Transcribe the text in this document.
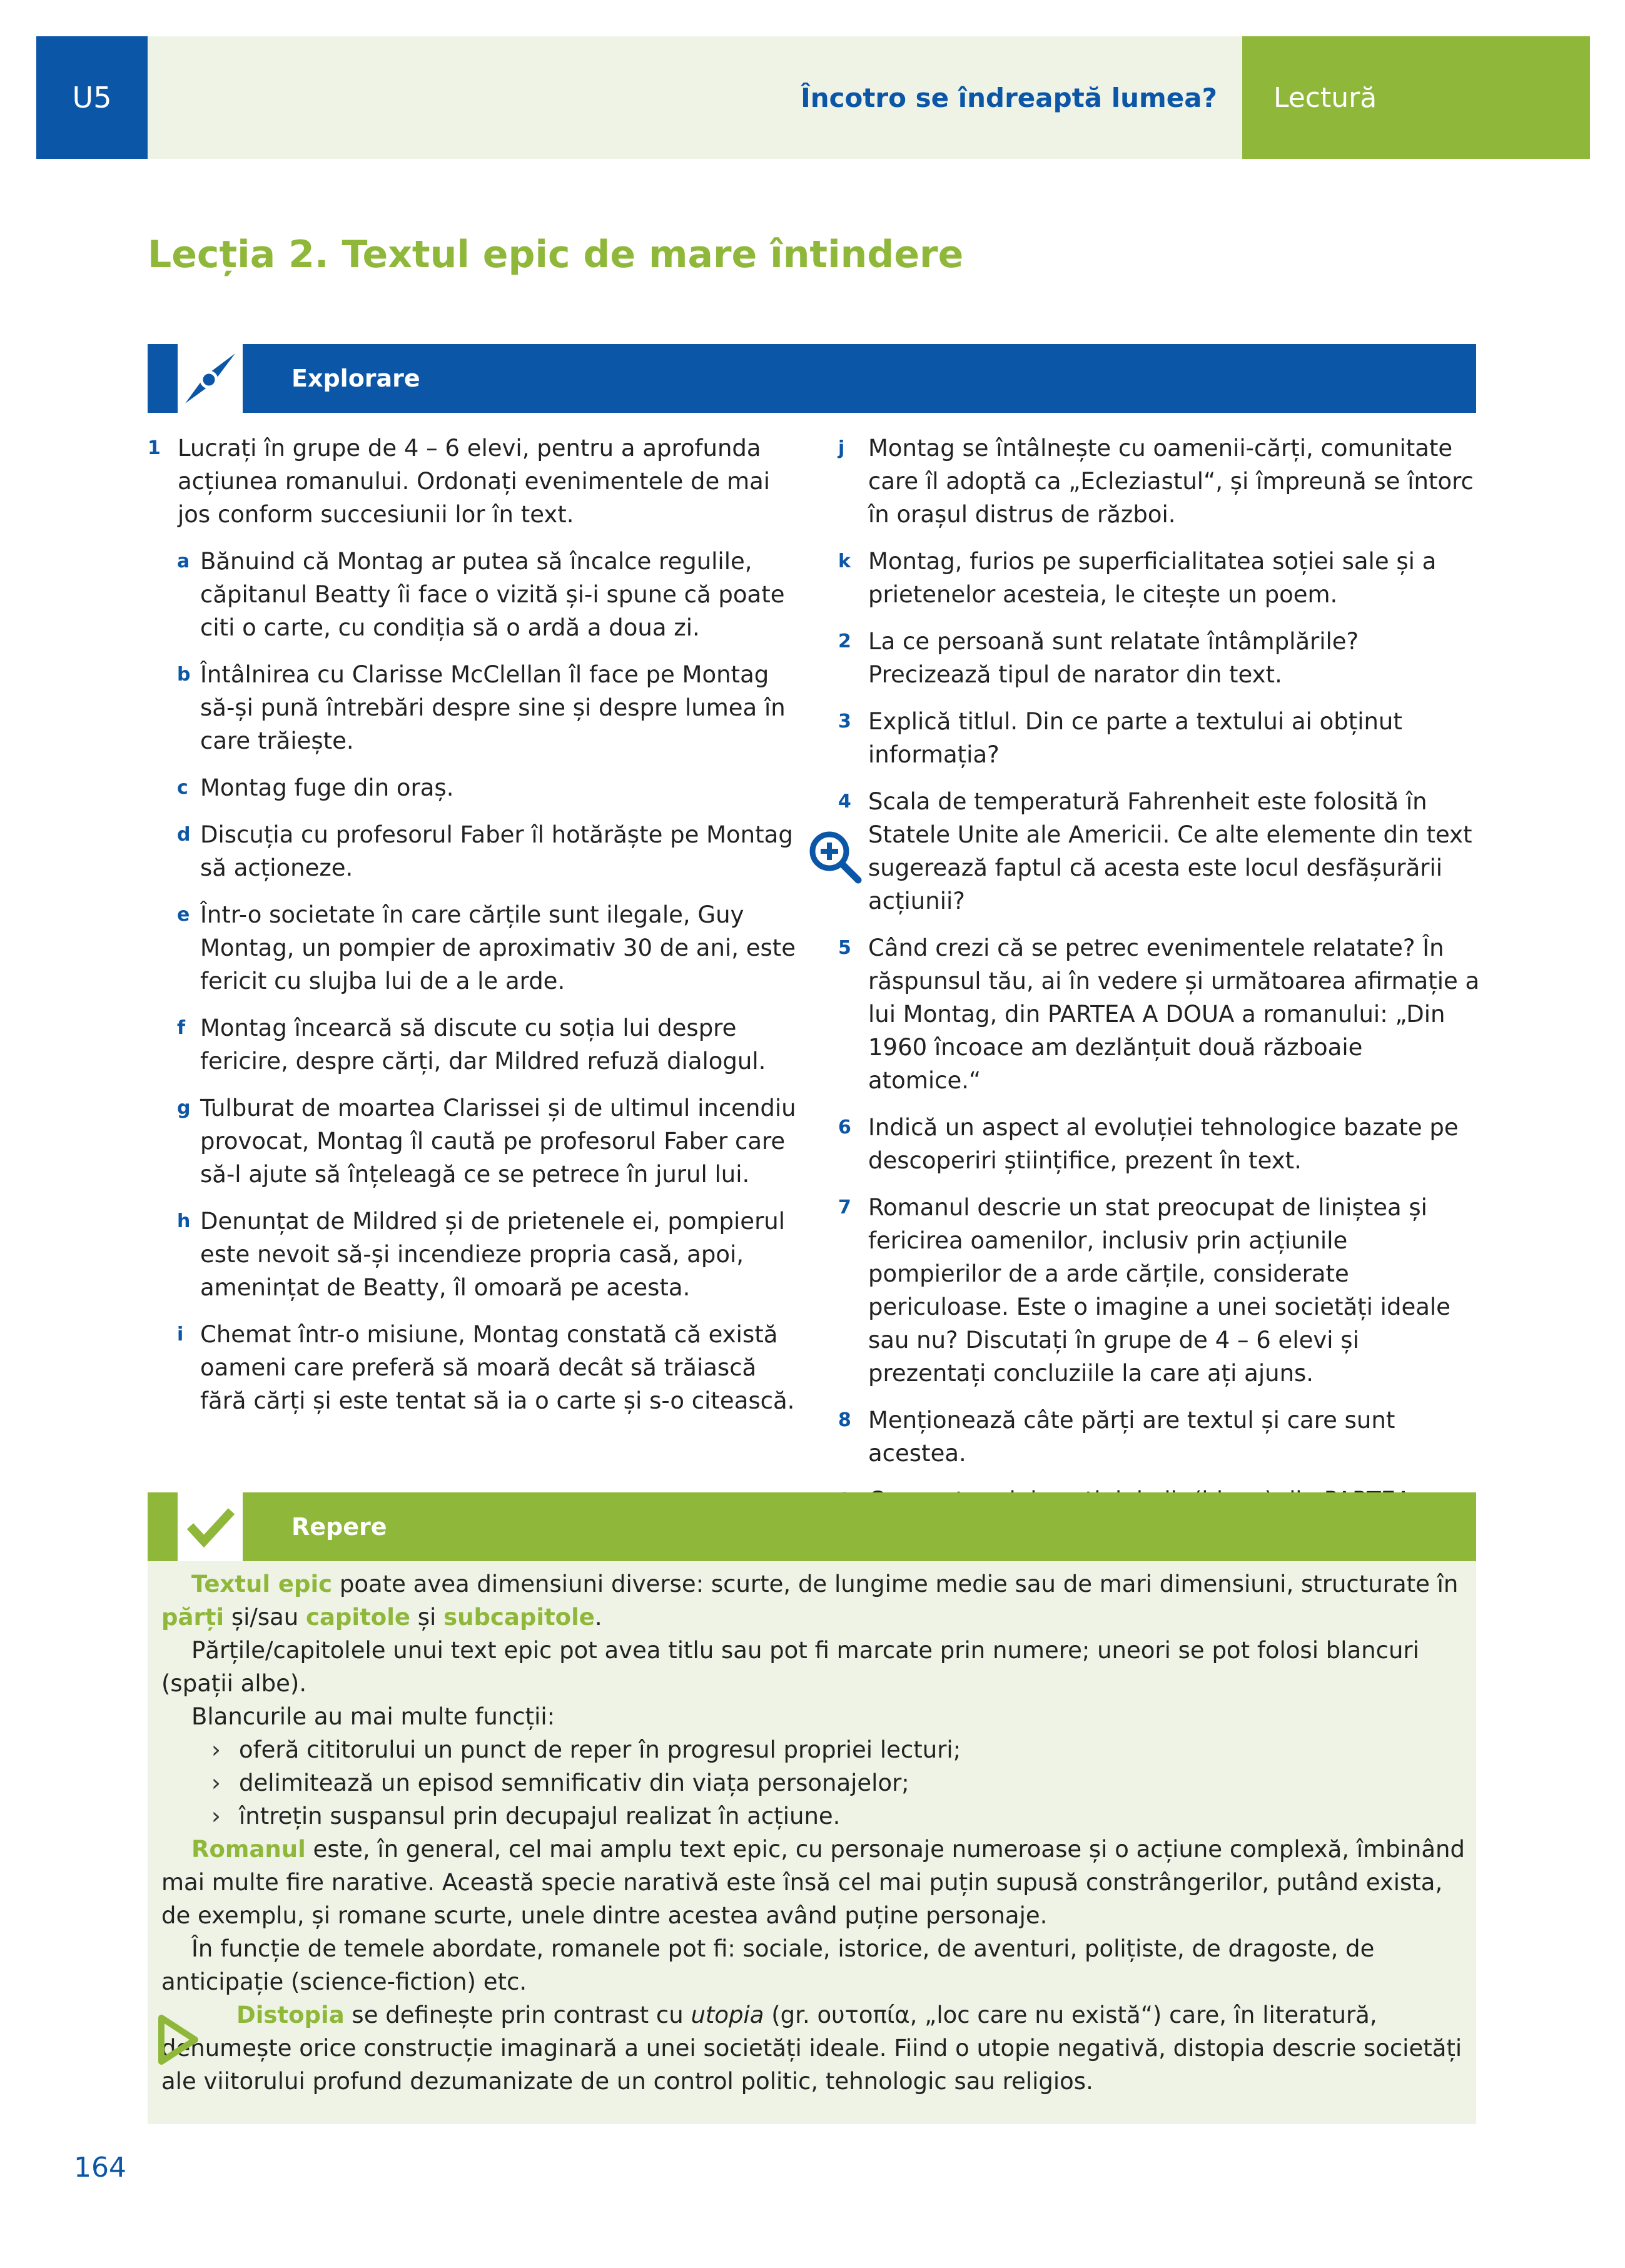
U5	Încotro se îndreaptă lumea? Lectură
Lecția 2. Textul epic de mare întindere
Explorare
1 Lucrați în grupe de 4 – 6 elevi, pentru a aprofunda acțiunea romanului. Ordonați evenimentele de mai jos conform succesiunii lor în text.
a Bănuind că Montag ar putea să încalce regulile, căpitanul Beatty îi face o vizită și-i spune că poate citi o carte, cu condiția să o ardă a doua zi.
b Întâlnirea cu Clarisse McClellan îl face pe Montag să-și pună întrebări despre sine și despre lumea în care trăiește.
c Montag fuge din oraș.
d Discuția cu profesorul Faber îl hotărăște pe Montag să acționeze.
e Într-o societate în care cărțile sunt ilegale, Guy Montag, un pompier de aproximativ 30 de ani, este fericit cu slujba lui de a le arde.
f Montag încearcă să discute cu soția lui despre fericire, despre cărți, dar Mildred refuză dialogul.
g Tulburat de moartea Clarissei și de ultimul incendiu provocat, Montag îl caută pe profesorul Faber care să-l ajute să înțeleagă ce se petrece în jurul lui.
h Denunțat de Mildred și de prietenele ei, pompierul este nevoit să-și incendieze propria casă, apoi, amenințat de Beatty, îl omoară pe acesta.
i Chemat într-o misiune, Montag constată că există oameni care preferă să moară decât să trăiască fără cărți și este tentat să ia o carte și s-o citească.
j Montag se întâlnește cu oamenii-cărți, comunitate care îl adoptă ca „Ecleziastul“, și împreună se întorc în orașul distrus de război.
k Montag, furios pe superficialitatea soției sale și a prietenelor acesteia, le citește un poem.
2 La ce persoană sunt relatate întâmplările? Precizează tipul de narator din text.
3 Explică titlul. Din ce parte a textului ai obținut informația?
4 Scala de temperatură Fahrenheit este folosită în Statele Unite ale Americii. Ce alte elemente din text sugerează faptul că acesta este locul desfășurării acțiunii?
5 Când crezi că se petrec evenimentele relatate? În răspunsul tău, ai în vedere și următoarea afirmație a lui Montag, din PARTEA A DOUA a romanului: „Din 1960 încoace am dezlănțuit două războaie atomice.“
6 Indică un aspect al evoluției tehnologice bazate pe descoperiri științifice, prezent în text.
7 Romanul descrie un stat preocupat de liniștea și fericirea oamenilor, inclusiv prin acțiunile pompierilor de a arde cărțile, considerate periculoase. Este o imagine a unei societăți ideale sau nu? Discutați în grupe de 4 – 6 elevi și prezentați concluziile la care ați ajuns.
8 Menționează câte părți are textul și care sunt acestea.
Repere

Textul epic poate avea dimensiuni diverse: scurte, de lungime medie sau de mari dimensiuni, structurate în părți și/sau capitole și subcapitole.

Părțile/capitolele unui text epic pot avea titlu sau pot fi marcate prin numere; uneori se pot folosi blancuri (spații albe).

Blancurile au mai multe funcții:

› oferă cititorului un punct de reper în progresul propriei lecturi;
› delimitează un episod semnificativ din viața personajelor;
› întrețin suspansul prin decupajul realizat în acțiune.

Romanul este, în general, cel mai amplu text epic, cu personaje numeroase și o acțiune complexă, îmbinând mai multe fire narative. Această specie narativă este însă cel mai puțin supusă constrângerilor, putând exista, de exemplu, și romane scurte, unele dintre acestea având puține personaje.

În funcție de temele abordate, romanele pot fi: sociale, istorice, de aventuri, polițiste, de dragoste, de anticipație (science-fiction) etc.

Distopia se definește prin contrast cu utopia (gr. ουτοπία, „loc care nu există“) care, în literatură, denumește orice construcție imaginară a unei societăți ideale. Fiind o utopie negativă, distopia descrie societăți ale viitorului profund dezumanizate de un control politic, tehnologic sau religios.

164
